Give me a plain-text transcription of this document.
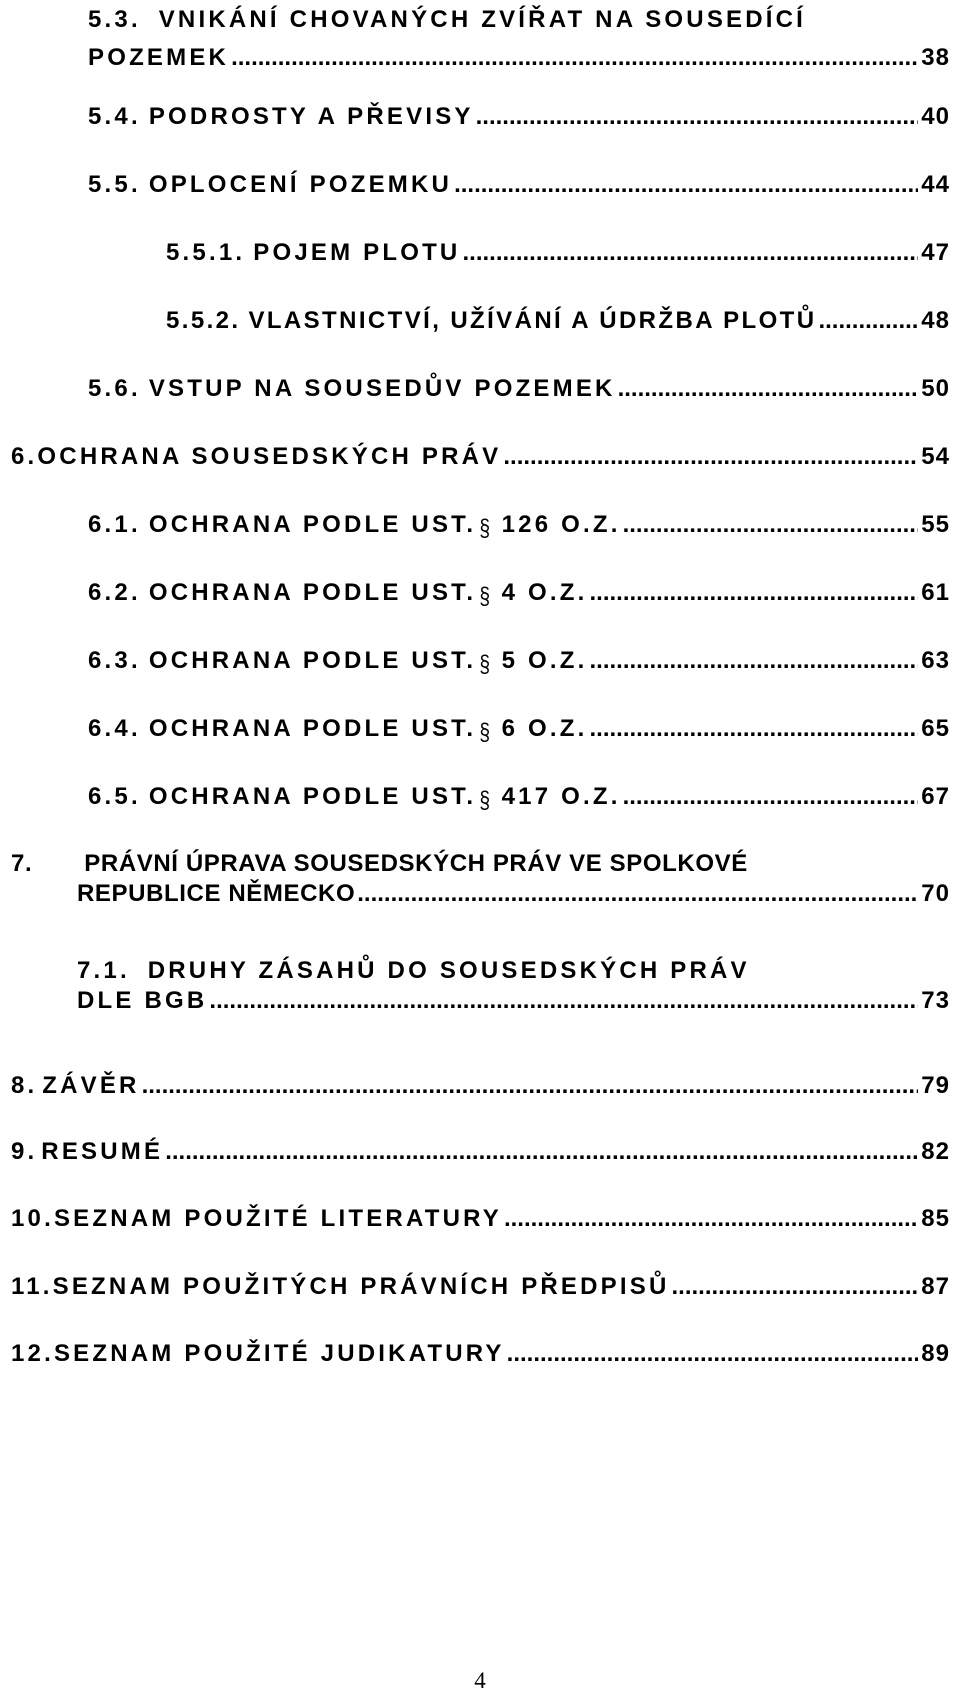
5.3. VNIKÁNÍ CHOVANÝCH ZVÍŘAT NA SOUSEDÍCÍ
POZEMEK .....	38
5.4. PODROSTY A PŘEVISY .....	40
5.5. OPLOCENÍ POZEMKU .....	44
5.5.1. POJEM PLOTU .....	47
5.5.2. VLASTNICTVÍ, UŽÍVÁNÍ A ÚDRŽBA PLOTŮ .....	48
5.6. VSTUP NA SOUSEDŮV POZEMEK .....	50
6. OCHRANA SOUSEDSKÝCH PRÁV .....	54
6.1. OCHRANA PODLE UST. § 126 O.Z. .....	55
6.2. OCHRANA PODLE UST. § 4 O.Z. .....	61
6.3. OCHRANA PODLE UST. § 5 O.Z. .....	63
6.4. OCHRANA PODLE UST. § 6 O.Z. .....	65
6.5. OCHRANA PODLE UST. § 417 O.Z. .....	67
7. PRÁVNÍ ÚPRAVA SOUSEDSKÝCH PRÁV VE SPOLKOVÉ
REPUBLICE NĚMECKO .....	70
7.1. DRUHY ZÁSAHŮ DO SOUSEDSKÝCH PRÁV
DLE BGB .....	73
8. ZÁVĚR .....	79
9. RESUMÉ .....	82
10. SEZNAM POUŽITÉ LITERATURY .....	85
11. SEZNAM POUŽITÝCH PRÁVNÍCH PŘEDPISŮ .....	87
12. SEZNAM POUŽITÉ JUDIKATURY .....	89
4
